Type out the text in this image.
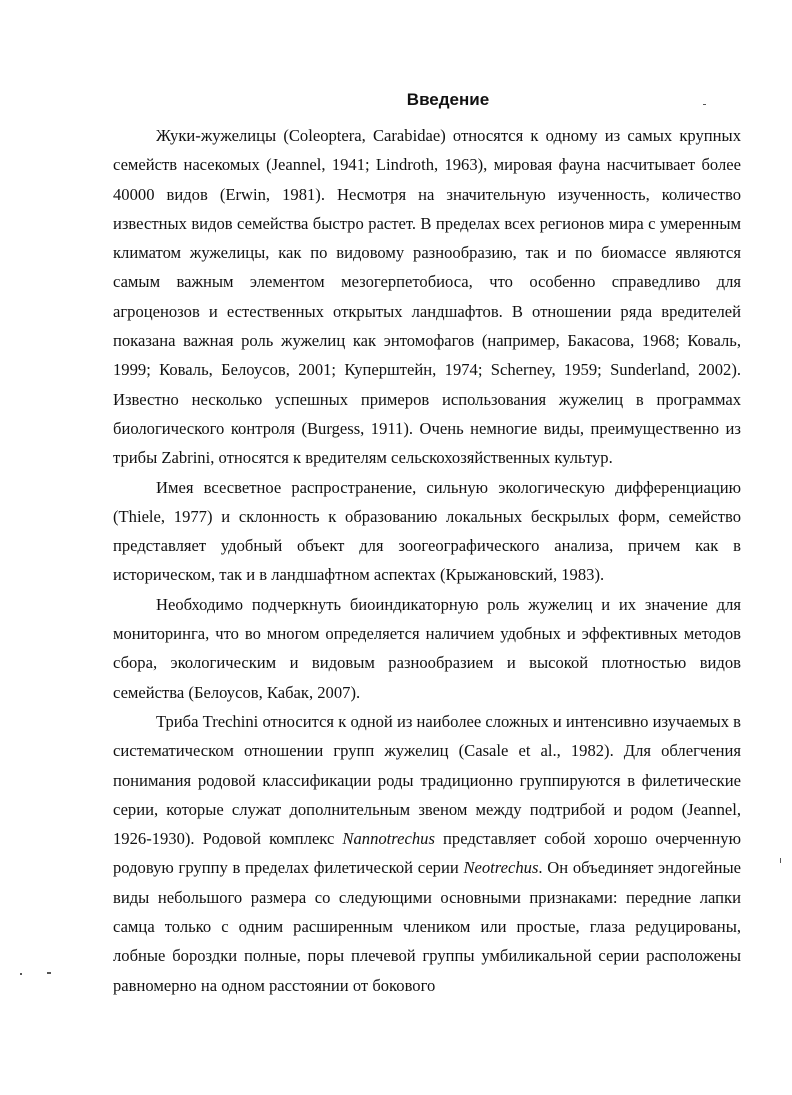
Введение

Жуки-жужелицы (Coleoptera, Carabidae) относятся к одному из самых крупных семейств насекомых (Jeannel, 1941; Lindroth, 1963), мировая фауна насчитывает более 40000 видов (Erwin, 1981). Несмотря на значительную изученность, количество известных видов семейства быстро растет. В пределах всех регионов мира с умеренным климатом жужелицы, как по видовому разнообразию, так и по биомассе являются самым важным элементом мезогерпетобиоса, что особенно справедливо для агроценозов и естественных открытых ландшафтов. В отношении ряда вредителей показана важная роль жужелиц как энтомофагов (например, Бакасова, 1968; Коваль, 1999; Коваль, Белоусов, 2001; Куперштейн, 1974; Scherney, 1959; Sunderland, 2002). Известно несколько успешных примеров использования жужелиц в программах биологического контроля (Burgess, 1911). Очень немногие виды, преимущественно из трибы Zabrini, относятся к вредителям сельскохозяйственных культур.

Имея всесветное распространение, сильную экологическую дифференциацию (Thiele, 1977) и склонность к образованию локальных бескрылых форм, семейство представляет удобный объект для зоогеографического анализа, причем как в историческом, так и в ландшафтном аспектах (Крыжановский, 1983).

Необходимо подчеркнуть биоиндикаторную роль жужелиц и их значение для мониторинга, что во многом определяется наличием удобных и эффективных методов сбора, экологическим и видовым разнообразием и высокой плотностью видов семейства (Белоусов, Кабак, 2007).

Триба Trechini относится к одной из наиболее сложных и интенсивно изучаемых в систематическом отношении групп жужелиц (Casale et al., 1982). Для облегчения понимания родовой классификации роды традиционно группируются в филетические серии, которые служат дополнительным звеном между подтрибой и родом (Jeannel, 1926-1930). Родовой комплекс Nannotrechus представляет собой хорошо очерченную родовую группу в пределах филетической серии Neotrechus. Он объединяет эндогейные виды небольшого размера со следующими основными признаками: передние лапки самца только с одним расширенным члеником или простые, глаза редуцированы, лобные бороздки полные, поры плечевой группы умбиликальной серии расположены равномерно на одном расстоянии от бокового
